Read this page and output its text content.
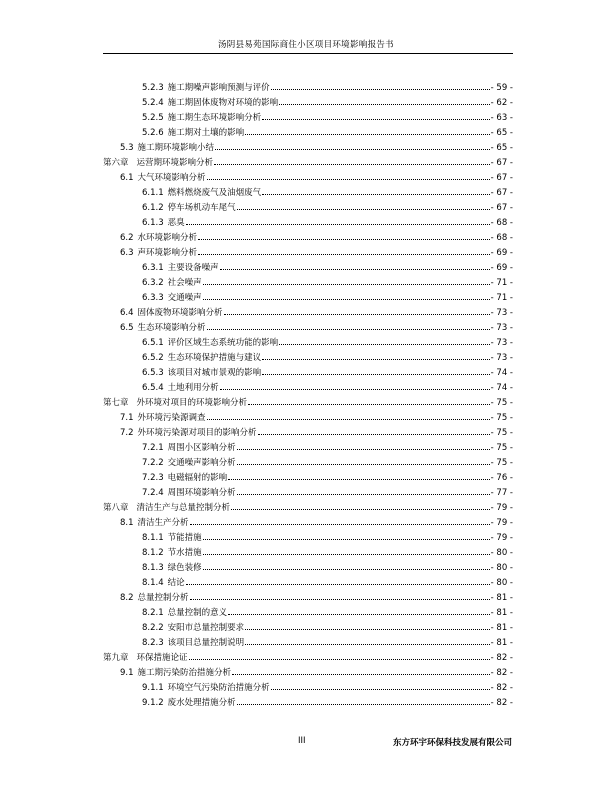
汤阴县易苑国际商住小区项目环境影响报告书
5.2.3 施工期噪声影响预测与评价	- 59 -
5.2.4 施工期固体废物对环境的影响	- 62 -
5.2.5 施工期生态环境影响分析	- 63 -
5.2.6 施工期对土壤的影响	- 65 -
5.3 施工期环境影响小结	- 65 -
第六章 运营期环境影响分析	- 67 -
6.1 大气环境影响分析	- 67 -
6.1.1 燃料燃烧废气及油烟废气	- 67 -
6.1.2 停车场机动车尾气	- 67 -
6.1.3 恶臭	- 68 -
6.2 水环境影响分析	- 68 -
6.3 声环境影响分析	- 69 -
6.3.1 主要设备噪声	- 69 -
6.3.2 社会噪声	- 71 -
6.3.3 交通噪声	- 71 -
6.4 固体废物环境影响分析	- 73 -
6.5 生态环境影响分析	- 73 -
6.5.1 评价区域生态系统功能的影响	- 73 -
6.5.2 生态环境保护措施与建议	- 73 -
6.5.3 该项目对城市景观的影响	- 74 -
6.5.4 土地利用分析	- 74 -
第七章 外环境对项目的环境影响分析	- 75 -
7.1 外环境污染源调查	- 75 -
7.2 外环境污染源对项目的影响分析	- 75 -
7.2.1 周围小区影响分析	- 75 -
7.2.2 交通噪声影响分析	- 75 -
7.2.3 电磁辐射的影响	- 76 -
7.2.4 周围环境影响分析	- 77 -
第八章 清洁生产与总量控制分析	- 79 -
8.1 清洁生产分析	- 79 -
8.1.1 节能措施	- 79 -
8.1.2 节水措施	- 80 -
8.1.3 绿色装修	- 80 -
8.1.4 结论	- 80 -
8.2 总量控制分析	- 81 -
8.2.1 总量控制的意义	- 81 -
8.2.2 安阳市总量控制要求	- 81 -
8.2.3 该项目总量控制说明	- 81 -
第九章 环保措施论证	- 82 -
9.1 施工期污染防治措施分析	- 82 -
9.1.1 环境空气污染防治措施分析	- 82 -
9.1.2 废水处理措施分析	- 82 -
III	东方环宇环保科技发展有限公司
